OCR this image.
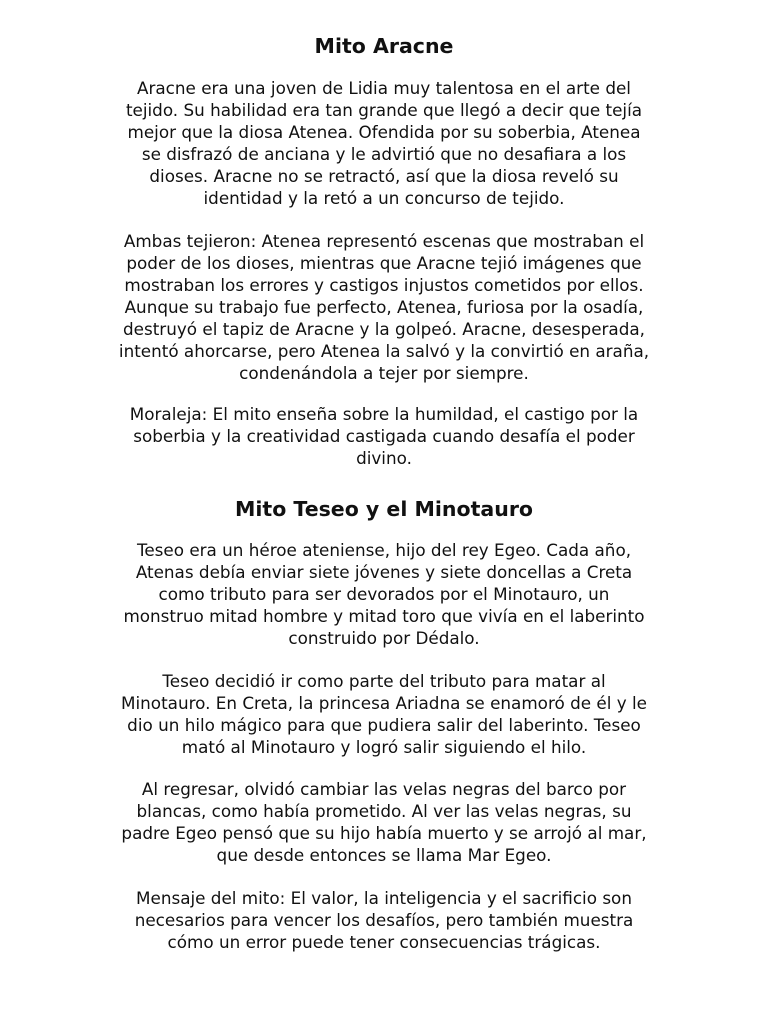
Mito Aracne

Aracne era una joven de Lidia muy talentosa en el arte del
tejido. Su habilidad era tan grande que llegó a decir que tejía
mejor que la diosa Atenea. Ofendida por su soberbia, Atenea
se disfrazó de anciana y le advirtió que no desafiara a los
dioses. Aracne no se retractó, así que la diosa reveló su
identidad y la retó a un concurso de tejido.

Ambas tejieron: Atenea representó escenas que mostraban el
poder de los dioses, mientras que Aracne tejió imágenes que
mostraban los errores y castigos injustos cometidos por ellos.
Aunque su trabajo fue perfecto, Atenea, furiosa por la osadía,
destruyó el tapiz de Aracne y la golpeó. Aracne, desesperada,
intentó ahorcarse, pero Atenea la salvó y la convirtió en araña,
condenándola a tejer por siempre.

Moraleja: El mito enseña sobre la humildad, el castigo por la
soberbia y la creatividad castigada cuando desafía el poder
divino.

Mito Teseo y el Minotauro

Teseo era un héroe ateniense, hijo del rey Egeo. Cada año,
Atenas debía enviar siete jóvenes y siete doncellas a Creta
como tributo para ser devorados por el Minotauro, un
monstruo mitad hombre y mitad toro que vivía en el laberinto
construido por Dédalo.

Teseo decidió ir como parte del tributo para matar al
Minotauro. En Creta, la princesa Ariadna se enamoró de él y le
dio un hilo mágico para que pudiera salir del laberinto. Teseo
mató al Minotauro y logró salir siguiendo el hilo.

Al regresar, olvidó cambiar las velas negras del barco por
blancas, como había prometido. Al ver las velas negras, su
padre Egeo pensó que su hijo había muerto y se arrojó al mar,
que desde entonces se llama Mar Egeo.

Mensaje del mito: El valor, la inteligencia y el sacrificio son
necesarios para vencer los desafíos, pero también muestra
cómo un error puede tener consecuencias trágicas.
